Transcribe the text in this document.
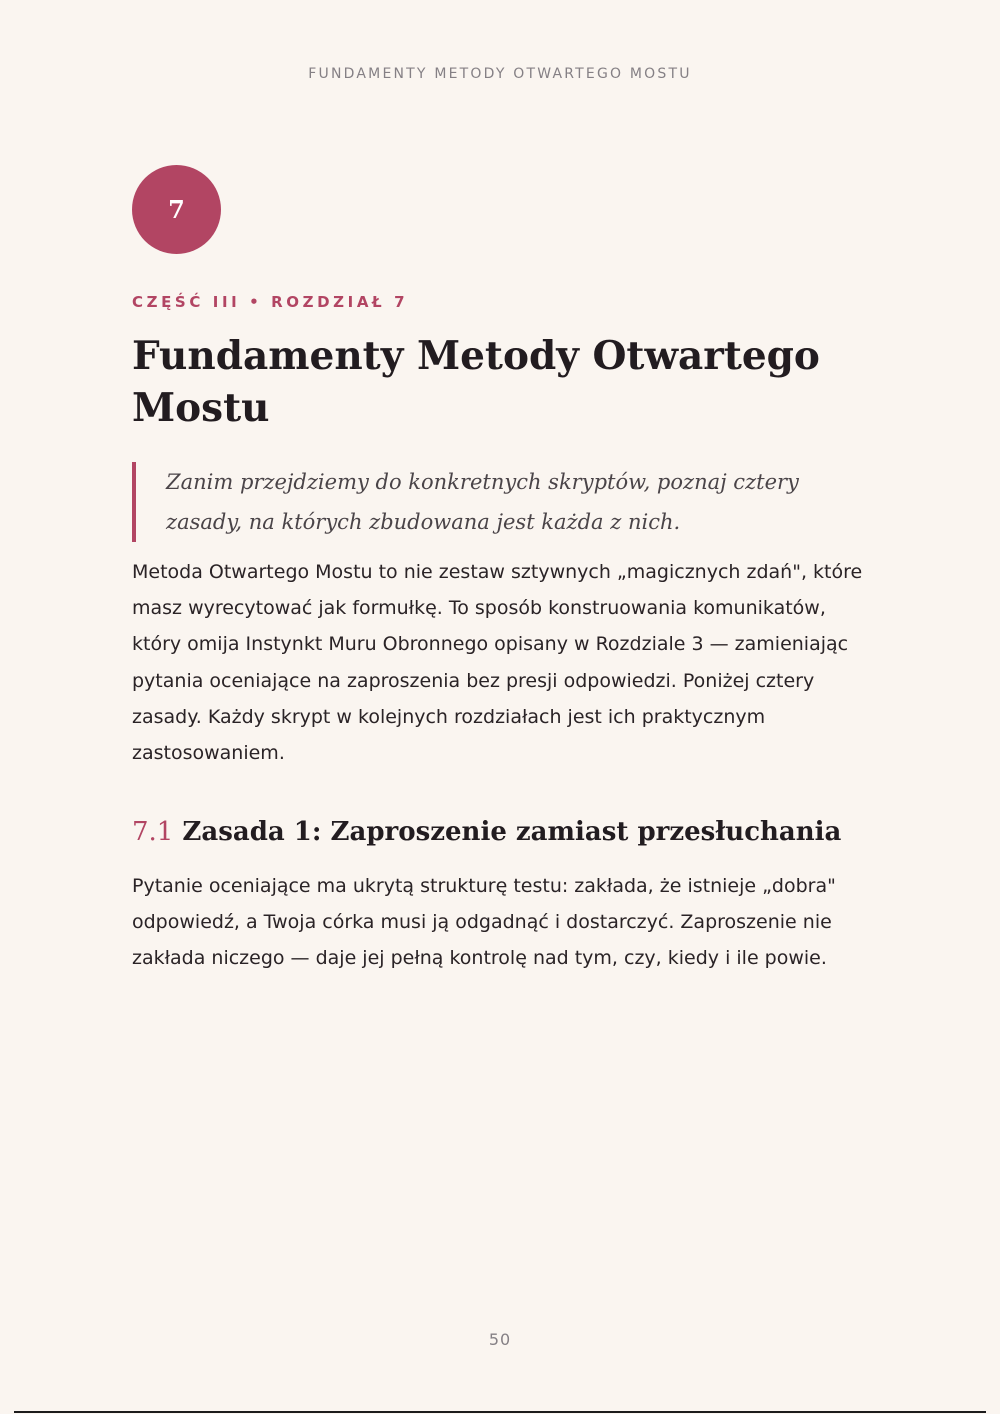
FUNDAMENTY METODY OTWARTEGO MOSTU
7
CZĘŚĆ III • ROZDZIAŁ 7
Fundamenty Metody Otwartego Mostu
Zanim przejdziemy do konkretnych skryptów, poznaj cztery zasady, na których zbudowana jest każda z nich.

Metoda Otwartego Mostu to nie zestaw sztywnych „magicznych zdań", które masz wyrecytować jak formułkę. To sposób konstruowania komunikatów, który omija Instynkt Muru Obronnego opisany w Rozdziale 3 — zamieniając pytania oceniające na zaproszenia bez presji odpowiedzi. Poniżej cztery zasady. Każdy skrypt w kolejnych rozdziałach jest ich praktycznym zastosowaniem.

7.1 Zasada 1: Zaproszenie zamiast przesłuchania

Pytanie oceniające ma ukrytą strukturę testu: zakłada, że istnieje „dobra" odpowiedź, a Twoja córka musi ją odgadnąć i dostarczyć. Zaproszenie nie zakłada niczego — daje jej pełną kontrolę nad tym, czy, kiedy i ile powie.

50
